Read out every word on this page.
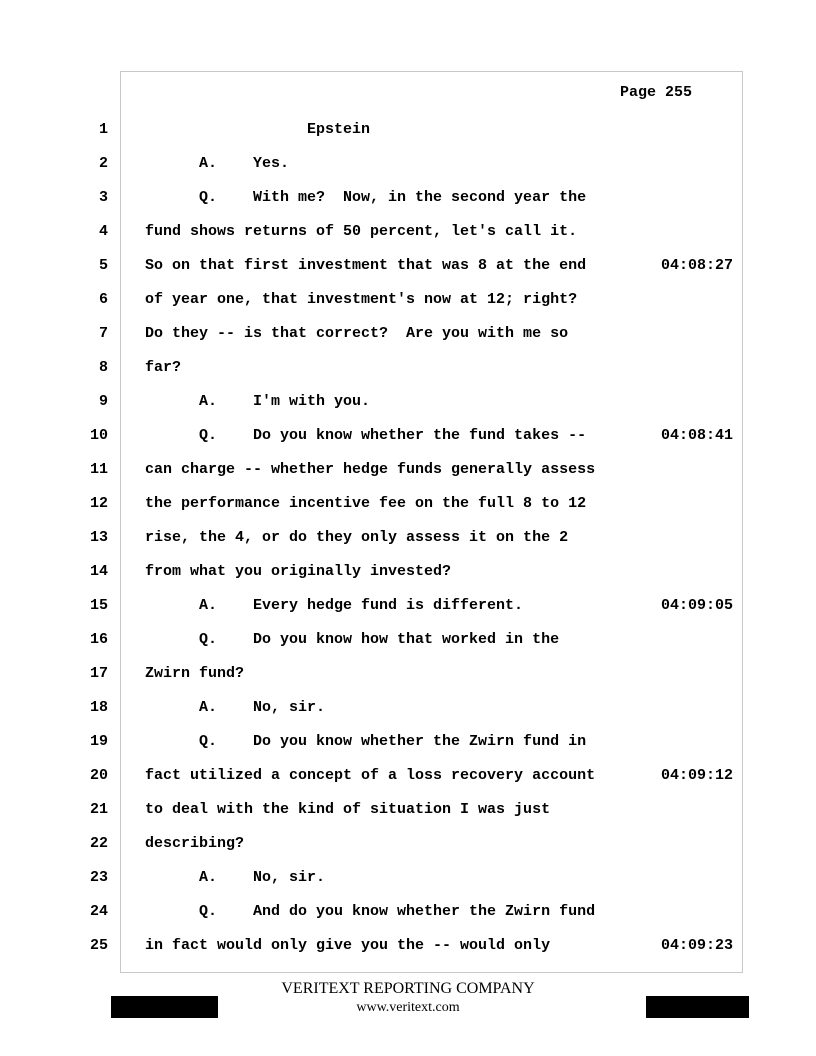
Page 255
1 Epstein
2 A.    Yes.
3 Q.    With me?  Now, in the second year the
4 fund shows returns of 50 percent, let's call it.
5 So on that first investment that was 8 at the end	04:08:27
6 of year one, that investment's now at 12; right?
7 Do they -- is that correct?  Are you with me so
8 far?
9 A.    I'm with you.
10 Q.    Do you know whether the fund takes --	04:08:41
11 can charge -- whether hedge funds generally assess
12 the performance incentive fee on the full 8 to 12
13 rise, the 4, or do they only assess it on the 2
14 from what you originally invested?
15 A.    Every hedge fund is different.	04:09:05
16 Q.    Do you know how that worked in the
17 Zwirn fund?
18 A.    No, sir.
19 Q.    Do you know whether the Zwirn fund in
20 fact utilized a concept of a loss recovery account	04:09:12
21 to deal with the kind of situation I was just
22 describing?
23 A.    No, sir.
24 Q.    And do you know whether the Zwirn fund
25 in fact would only give you the -- would only	04:09:23
VERITEXT REPORTING COMPANY
www.veritext.com
